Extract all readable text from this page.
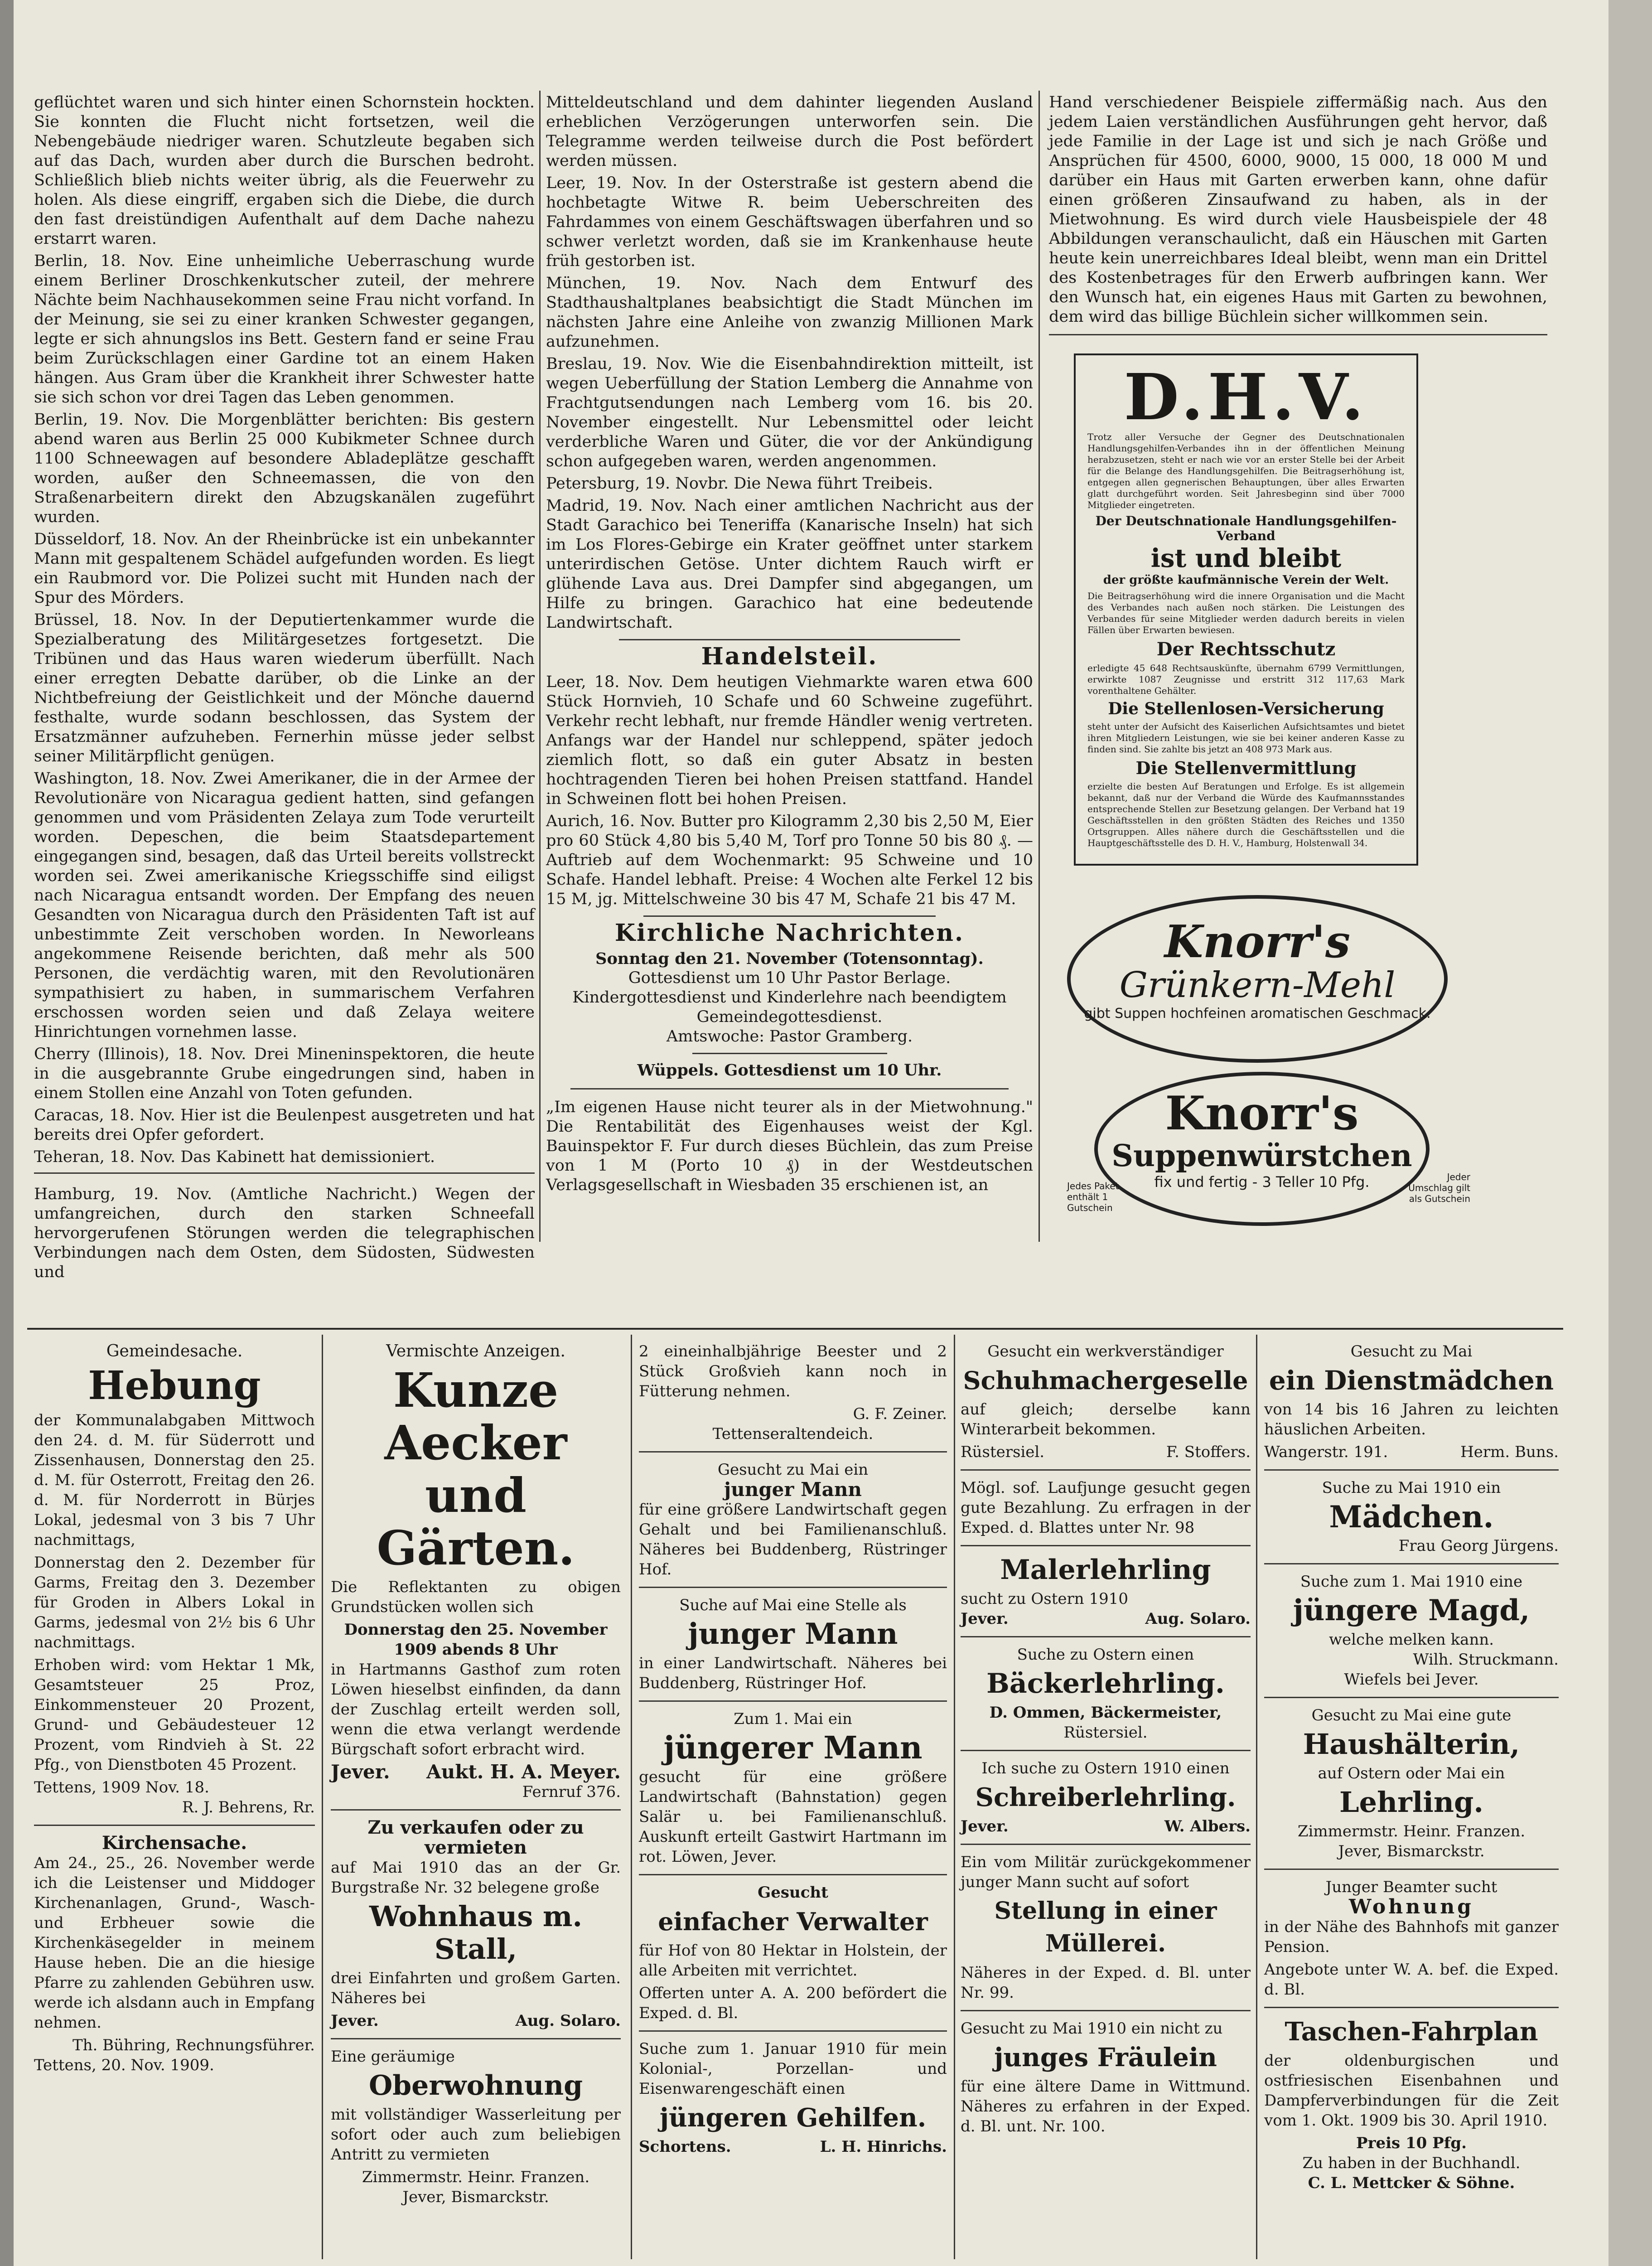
geflüchtet waren und sich hinter einen Schornstein hockten. Sie konnten die Flucht nicht fortsetzen, weil die Nebengebäude niedriger waren. Schutzleute begaben sich auf das Dach, wurden aber durch die Burschen bedroht. Schließlich blieb nichts weiter übrig, als die Feuerwehr zu holen. Als diese eingriff, ergaben sich die Diebe, die durch den fast dreistündigen Aufenthalt auf dem Dache nahezu erstarrt waren.

Berlin, 18. Nov. Eine unheimliche Ueberraschung wurde einem Berliner Droschkenkutscher zuteil, der mehrere Nächte beim Nachhausekommen seine Frau nicht vorfand. In der Meinung, sie sei zu einer kranken Schwester gegangen, legte er sich ahnungslos ins Bett. Gestern fand er seine Frau beim Zurückschlagen einer Gardine tot an einem Haken hängen. Aus Gram über die Krankheit ihrer Schwester hatte sie sich schon vor drei Tagen das Leben genommen.

Berlin, 19. Nov. Die Morgenblätter berichten: Bis gestern abend waren aus Berlin 25 000 Kubikmeter Schnee durch 1100 Schneewagen auf besondere Abladeplätze geschafft worden, außer den Schneemassen, die von den Straßenarbeitern direkt den Abzugskanälen zugeführt wurden.

Düsseldorf, 18. Nov. An der Rheinbrücke ist ein unbekannter Mann mit gespaltenem Schädel aufgefunden worden. Es liegt ein Raubmord vor. Die Polizei sucht mit Hunden nach der Spur des Mörders.

Brüssel, 18. Nov. In der Deputiertenkammer wurde die Spezialberatung des Militärgesetzes fortgesetzt. Die Tribünen und das Haus waren wiederum überfüllt. Nach einer erregten Debatte darüber, ob die Linke an der Nichtbefreiung der Geistlichkeit und der Mönche dauernd festhalte, wurde sodann beschlossen, das System der Ersatzmänner aufzuheben. Fernerhin müsse jeder selbst seiner Militärpflicht genügen.

Washington, 18. Nov. Zwei Amerikaner, die in der Armee der Revolutionäre von Nicaragua gedient hatten, sind gefangen genommen und vom Präsidenten Zelaya zum Tode verurteilt worden. Depeschen, die beim Staatsdepartement eingegangen sind, besagen, daß das Urteil bereits vollstreckt worden sei. Zwei amerikanische Kriegsschiffe sind eiligst nach Nicaragua entsandt worden. Der Empfang des neuen Gesandten von Nicaragua durch den Präsidenten Taft ist auf unbestimmte Zeit verschoben worden. In Neworleans angekommene Reisende berichten, daß mehr als 500 Personen, die verdächtig waren, mit den Revolutionären sympathisiert zu haben, in summarischem Verfahren erschossen worden seien und daß Zelaya weitere Hinrichtungen vornehmen lasse.

Cherry (Illinois), 18. Nov. Drei Mineninspektoren, die heute in die ausgebrannte Grube eingedrungen sind, haben in einem Stollen eine Anzahl von Toten gefunden.

Caracas, 18. Nov. Hier ist die Beulenpest ausgetreten und hat bereits drei Opfer gefordert.

Teheran, 18. Nov. Das Kabinett hat demissioniert.

Hamburg, 19. Nov. (Amtliche Nachricht.) Wegen der umfangreichen, durch den starken Schneefall hervorgerufenen Störungen werden die telegraphischen Verbindungen nach dem Osten, dem Südosten, Südwesten und

Mitteldeutschland und dem dahinter liegenden Ausland erheblichen Verzögerungen unterworfen sein. Die Telegramme werden teilweise durch die Post befördert werden müssen.

Leer, 19. Nov. In der Osterstraße ist gestern abend die hochbetagte Witwe R. beim Ueberschreiten des Fahrdammes von einem Geschäftswagen überfahren und so schwer verletzt worden, daß sie im Krankenhause heute früh gestorben ist.

München, 19. Nov. Nach dem Entwurf des Stadthaushaltplanes beabsichtigt die Stadt München im nächsten Jahre eine Anleihe von zwanzig Millionen Mark aufzunehmen.

Breslau, 19. Nov. Wie die Eisenbahndirektion mitteilt, ist wegen Ueberfüllung der Station Lemberg die Annahme von Frachtgutsendungen nach Lemberg vom 16. bis 20. November eingestellt. Nur Lebensmittel oder leicht verderbliche Waren und Güter, die vor der Ankündigung schon aufgegeben waren, werden angenommen.

Petersburg, 19. Novbr. Die Newa führt Treibeis.

Madrid, 19. Nov. Nach einer amtlichen Nachricht aus der Stadt Garachico bei Teneriffa (Kanarische Inseln) hat sich im Los Flores-Gebirge ein Krater geöffnet unter starkem unterirdischen Getöse. Unter dichtem Rauch wirft er glühende Lava aus. Drei Dampfer sind abgegangen, um Hilfe zu bringen. Garachico hat eine bedeutende Landwirtschaft.

Handelsteil.

Leer, 18. Nov. Dem heutigen Viehmarkte waren etwa 600 Stück Hornvieh, 10 Schafe und 60 Schweine zugeführt. Verkehr recht lebhaft, nur fremde Händler wenig vertreten. Anfangs war der Handel nur schleppend, später jedoch ziemlich flott, so daß ein guter Absatz in besten hochtragenden Tieren bei hohen Preisen stattfand. Handel in Schweinen flott bei hohen Preisen.

Aurich, 16. Nov. Butter pro Kilogramm 2,30 bis 2,50 M, Eier pro 60 Stück 4,80 bis 5,40 M, Torf pro Tonne 50 bis 80 ₰. — Auftrieb auf dem Wochenmarkt: 95 Schweine und 10 Schafe. Handel lebhaft. Preise: 4 Wochen alte Ferkel 12 bis 15 M, jg. Mittelschweine 30 bis 47 M, Schafe 21 bis 47 M.

Kirchliche Nachrichten.
Sonntag den 21. November (Totensonntag).
Gottesdienst um 10 Uhr Pastor Berlage.
Kindergottesdienst und Kinderlehre nach beendigtem Gemeindegottesdienst.
Amtswoche: Pastor Gramberg.
Wüppels. Gottesdienst um 10 Uhr.

„Im eigenen Hause nicht teurer als in der Mietwohnung." Die Rentabilität des Eigenhauses weist der Kgl. Bauinspektor F. Fur durch dieses Büchlein, das zum Preise von 1 M (Porto 10 ₰) in der Westdeutschen Verlagsgesellschaft in Wiesbaden 35 erschienen ist, an

Hand verschiedener Beispiele ziffermäßig nach. Aus den jedem Laien verständlichen Ausführungen geht hervor, daß jede Familie in der Lage ist und sich je nach Größe und Ansprüchen für 4500, 6000, 9000, 15 000, 18 000 M und darüber ein Haus mit Garten erwerben kann, ohne dafür einen größeren Zinsaufwand zu haben, als in der Mietwohnung. Es wird durch viele Hausbeispiele der 48 Abbildungen veranschaulicht, daß ein Häuschen mit Garten heute kein unerreichbares Ideal bleibt, wenn man ein Drittel des Kostenbetrages für den Erwerb aufbringen kann. Wer den Wunsch hat, ein eigenes Haus mit Garten zu bewohnen, dem wird das billige Büchlein sicher willkommen sein.

D.H.V.

Trotz aller Versuche der Gegner des Deutschnationalen Handlungsgehilfen-Verbandes ihn in der öffentlichen Meinung herabzusetzen, steht er nach wie vor an erster Stelle bei der Arbeit für die Belange des Handlungsgehilfen. Die Beitragserhöhung ist, entgegen allen gegnerischen Behauptungen, über alles Erwarten glatt durchgeführt worden. Seit Jahresbeginn sind über 7000 Mitglieder eingetreten.

Der Deutschnationale Handlungsgehilfen-Verband
ist und bleibt
der größte kaufmännische Verein der Welt.

Die Beitragserhöhung wird die innere Organisation und die Macht des Verbandes nach außen noch stärken. Die Leistungen des Verbandes für seine Mitglieder werden dadurch bereits in vielen Fällen über Erwarten bewiesen.

Der Rechtsschutz

erledigte 45 648 Rechtsauskünfte, übernahm 6799 Vermittlungen, erwirkte 1087 Zeugnisse und erstritt 312 117,63 Mark vorenthaltene Gehälter.

Die Stellenlosen-Versicherung

steht unter der Aufsicht des Kaiserlichen Aufsichtsamtes und bietet ihren Mitgliedern Leistungen, wie sie bei keiner anderen Kasse zu finden sind. Sie zahlte bis jetzt an 408 973 Mark aus.

Die Stellenvermittlung

erzielte die besten Auf Beratungen und Erfolge. Es ist allgemein bekannt, daß nur der Verband die Würde des Kaufmannsstandes entsprechende Stellen zur Besetzung gelangen. Der Verband hat 19 Geschäftsstellen in den größten Städten des Reiches und 1350 Ortsgruppen. Alles nähere durch die Geschäftsstellen und die Hauptgeschäftsstelle des D. H. V., Hamburg, Holstenwall 34.

Knorr's
Grünkern-Mehl
gibt Suppen hochfeinen aromatischen Geschmack.
Knorr's
Suppenwürstchen
fix und fertig - 3 Teller 10 Pfg.
Jedes Paket enthält 1 Gutschein
Jeder Umschlag gilt als Gutschein
Gemeindesache.
Hebung

der Kommunalabgaben Mittwoch den 24. d. M. für Süderrott und Zissenhausen, Donnerstag den 25. d. M. für Osterrott, Freitag den 26. d. M. für Norderrott in Bürjes Lokal, jedesmal von 3 bis 7 Uhr nachmittags,

Donnerstag den 2. Dezember für Garms, Freitag den 3. Dezember für Groden in Albers Lokal in Garms, jedesmal von 2½ bis 6 Uhr nachmittags.

Erhoben wird: vom Hektar 1 Mk, Gesamtsteuer 25 Proz, Einkommensteuer 20 Prozent, Grund- und Gebäudesteuer 12 Prozent, vom Rindvieh à St. 22 Pfg., von Dienstboten 45 Prozent.

Tettens, 1909 Nov. 18.
R. J. Behrens, Rr.
Kirchensache.

Am 24., 25., 26. November werde ich die Leistenser und Middoger Kirchenanlagen, Grund-, Wasch- und Erbheuer sowie die Kirchenkäsegelder in meinem Hause heben. Die an die hiesige Pfarre zu zahlenden Gebühren usw. werde ich alsdann auch in Empfang nehmen.

Th. Bühring, Rechnungsführer.
Tettens, 20. Nov. 1909.
Vermischte Anzeigen.
Kunze Aecker und Gärten.

Die Reflektanten zu obigen Grundstücken wollen sich

Donnerstag den 25. November 1909 abends 8 Uhr

in Hartmanns Gasthof zum roten Löwen hieselbst einfinden, da dann der Zuschlag erteilt werden soll, wenn die etwa verlangt werdende Bürgschaft sofort erbracht wird.

Jever. Aukt. H. A. Meyer.
Fernruf 376.
Zu verkaufen oder zu vermieten

auf Mai 1910 das an der Gr. Burgstraße Nr. 32 belegene große

Wohnhaus m. Stall,

drei Einfahrten und großem Garten. Näheres bei

Jever.	Aug. Solaro.
Eine geräumige
Oberwohnung

mit vollständiger Wasserleitung per sofort oder auch zum beliebigen Antritt zu vermieten

Zimmermstr. Heinr. Franzen.
Jever, Bismarckstr.

2 eineinhalbjährige Beester und 2 Stück Großvieh kann noch in Fütterung nehmen.

G. F. Zeiner.
Tettenseraltendeich.
Gesucht zu Mai ein
junger Mann

für eine größere Landwirtschaft gegen Gehalt und bei Familienanschluß. Näheres bei Buddenberg, Rüstringer Hof.

Suche auf Mai eine Stelle als
junger Mann

in einer Landwirtschaft. Näheres bei Buddenberg, Rüstringer Hof.

Zum 1. Mai ein
jüngerer Mann

gesucht für eine größere Landwirtschaft (Bahnstation) gegen Salär u. bei Familienanschluß. Auskunft erteilt Gastwirt Hartmann im rot. Löwen, Jever.

Gesucht
einfacher Verwalter

für Hof von 80 Hektar in Holstein, der alle Arbeiten mit verrichtet.

Offerten unter A. A. 200 befördert die Exped. d. Bl.

Suche zum 1. Januar 1910 für mein Kolonial-, Porzellan- und Eisenwarengeschäft einen

jüngeren Gehilfen.
Schortens.	L. H. Hinrichs.
Gesucht ein werkverständiger
Schuhmachergeselle

auf gleich; derselbe kann Winterarbeit bekommen.

Rüstersiel.	F. Stoffers.

Mögl. sof. Laufjunge gesucht gegen gute Bezahlung. Zu erfragen in der Exped. d. Blattes unter Nr. 98

Malerlehrling
sucht zu Ostern 1910
Jever.	Aug. Solaro.
Suche zu Ostern einen
Bäckerlehrling.
D. Ommen, Bäckermeister,
Rüstersiel.
Ich suche zu Ostern 1910 einen
Schreiberlehrling.
Jever.	W. Albers.

Ein vom Militär zurückgekommener junger Mann sucht auf sofort

Stellung in einer Müllerei.

Näheres in der Exped. d. Bl. unter Nr. 99.

Gesucht zu Mai 1910 ein nicht zu

junges Fräulein

für eine ältere Dame in Wittmund. Näheres zu erfahren in der Exped. d. Bl. unt. Nr. 100.

Gesucht zu Mai
ein Dienstmädchen

von 14 bis 16 Jahren zu leichten häuslichen Arbeiten.

Wangerstr. 191.	Herm. Buns.
Suche zu Mai 1910 ein
Mädchen.
Frau Georg Jürgens.
Suche zum 1. Mai 1910 eine
jüngere Magd,
welche melken kann.
Wilh. Struckmann.
Wiefels bei Jever.
Gesucht zu Mai eine gute
Haushälterin,
auf Ostern oder Mai ein
Lehrling.
Zimmermstr. Heinr. Franzen.
Jever, Bismarckstr.
Junger Beamter sucht
Wohnung

in der Nähe des Bahnhofs mit ganzer Pension.

Angebote unter W. A. bef. die Exped. d. Bl.

Taschen-Fahrplan

der oldenburgischen und ostfriesischen Eisenbahnen und Dampferverbindungen für die Zeit vom 1. Okt. 1909 bis 30. April 1910.

Preis 10 Pfg.
Zu haben in der Buchhandl.
C. L. Mettcker & Söhne.
